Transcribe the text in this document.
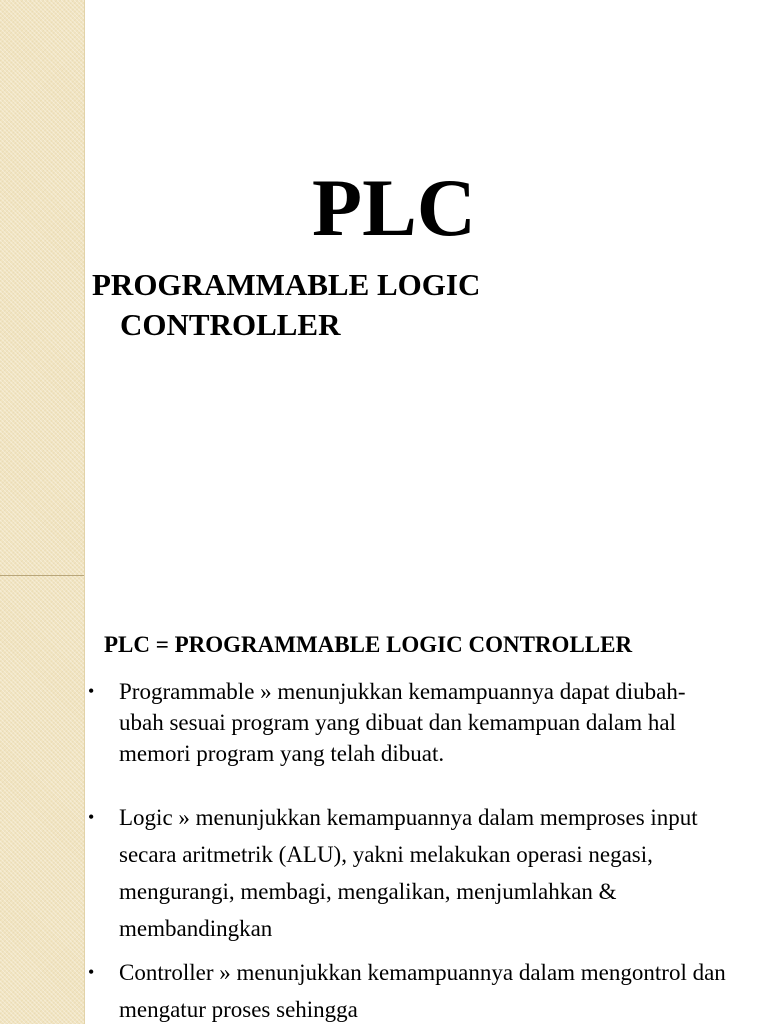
PLC
PROGRAMMABLE LOGIC CONTROLLER
PLC = PROGRAMMABLE LOGIC CONTROLLER
• Programmable » menunjukkan kemampuannya dapat diubah-ubah sesuai program yang dibuat dan kemampuan dalam hal memori program yang telah dibuat.
• Logic » menunjukkan kemampuannya dalam memproses input secara aritmetrik (ALU), yakni melakukan operasi negasi, mengurangi, membagi, mengalikan, menjumlahkan & membandingkan
• Controller » menunjukkan kemampuannya dalam mengontrol dan mengatur proses sehingga
